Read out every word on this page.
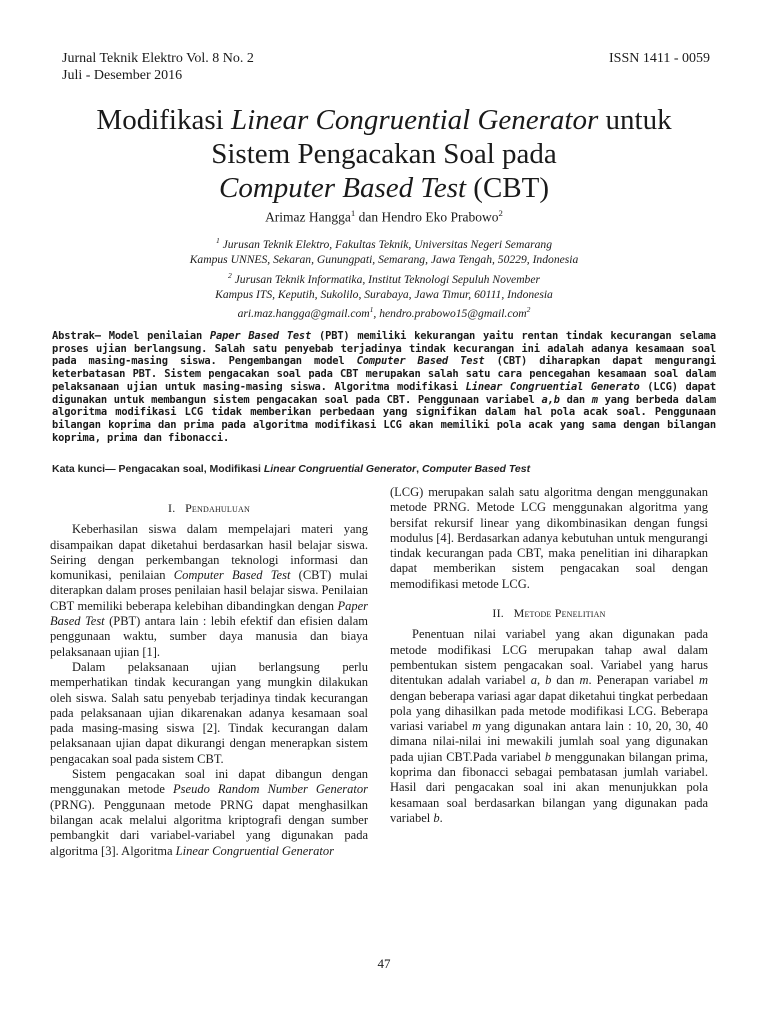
Jurnal Teknik Elektro Vol. 8 No. 2
Juli - Desember 2016
ISSN 1411 - 0059
Modifikasi Linear Congruential Generator untuk
Sistem Pengacakan Soal pada
Computer Based Test (CBT)
Arimaz Hangga$^1$ dan Hendro Eko Prabowo$^2$
$^1$ Jurusan Teknik Elektro, Fakultas Teknik, Universitas Negeri Semarang
Kampus UNNES, Sekaran, Gunungpati, Semarang, Jawa Tengah, 50229, Indonesia
$^2$ Jurusan Teknik Informatika, Institut Teknologi Sepuluh November
Kampus ITS, Keputih, Sukolilo, Surabaya, Jawa Timur, 60111, Indonesia
ari.maz.hangga@gmail.com$^1$, hendro.prabowo15@gmail.com$^2$
Abstrak— Model penilaian Paper Based Test (PBT) memiliki kekurangan yaitu rentan tindak kecurangan selama proses ujian berlangsung. Salah satu penyebab terjadinya tindak kecurangan ini adalah adanya kesamaan soal pada masing-masing siswa. Pengembangan model Computer Based Test (CBT) diharapkan dapat mengurangi keterbatasan PBT. Sistem pengacakan soal pada CBT merupakan salah satu cara pencegahan kesamaan soal dalam pelaksanaan ujian untuk masing-masing siswa. Algoritma modifikasi Linear Congruential Generato (LCG) dapat digunakan untuk membangun sistem pengacakan soal pada CBT. Penggunaan variabel a,b dan m yang berbeda dalam algoritma modifikasi LCG tidak memberikan perbedaan yang signifikan dalam hal pola acak soal. Penggunaan bilangan koprima dan prima pada algoritma modifikasi LCG akan memiliki pola acak yang sama dengan bilangan koprima, prima dan fibonacci.
Kata kunci— Pengacakan soal, Modifikasi Linear Congruential Generator, Computer Based Test
I. Pendahuluan

Keberhasilan siswa dalam mempelajari materi yang disampaikan dapat diketahui berdasarkan hasil belajar siswa. Seiring dengan perkembangan teknologi informasi dan komunikasi, penilaian Computer Based Test (CBT) mulai diterapkan dalam proses penilaian hasil belajar siswa. Penilaian CBT memiliki beberapa kelebihan dibandingkan dengan Paper Based Test (PBT) antara lain : lebih efektif dan efisien dalam penggunaan waktu, sumber daya manusia dan biaya pelaksanaan ujian [1].

Dalam pelaksanaan ujian berlangsung perlu memperhatikan tindak kecurangan yang mungkin dilakukan oleh siswa. Salah satu penyebab terjadinya tindak kecurangan pada pelaksanaan ujian dikarenakan adanya kesamaan soal pada masing-masing siswa [2]. Tindak kecurangan dalam pelaksanaan ujian dapat dikurangi dengan menerapkan sistem pengacakan soal pada sistem CBT.

Sistem pengacakan soal ini dapat dibangun dengan menggunakan metode Pseudo Random Number Generator (PRNG). Penggunaan metode PRNG dapat menghasilkan bilangan acak melalui algoritma kriptografi dengan sumber pembangkit dari variabel-variabel yang digunakan pada algoritma [3]. Algoritma Linear Congruential Generator

(LCG) merupakan salah satu algoritma dengan menggunakan metode PRNG. Metode LCG menggunakan algoritma yang bersifat rekursif linear yang dikombinasikan dengan fungsi modulus [4]. Berdasarkan adanya kebutuhan untuk mengurangi tindak kecurangan pada CBT, maka penelitian ini diharapkan dapat memberikan sistem pengacakan soal dengan memodifikasi metode LCG.

II. Metode Penelitian

Penentuan nilai variabel yang akan digunakan pada metode modifikasi LCG merupakan tahap awal dalam pembentukan sistem pengacakan soal. Variabel yang harus ditentukan adalah variabel a, b dan m. Penerapan variabel m dengan beberapa variasi agar dapat diketahui tingkat perbedaan pola yang dihasilkan pada metode modifikasi LCG. Beberapa variasi variabel m yang digunakan antara lain : 10, 20, 30, 40 dimana nilai-nilai ini mewakili jumlah soal yang digunakan pada ujian CBT.Pada variabel b menggunakan bilangan prima, koprima dan fibonacci sebagai pembatasan jumlah variabel. Hasil dari pengacakan soal ini akan menunjukkan pola kesamaan soal berdasarkan bilangan yang digunakan pada variabel b.

47
